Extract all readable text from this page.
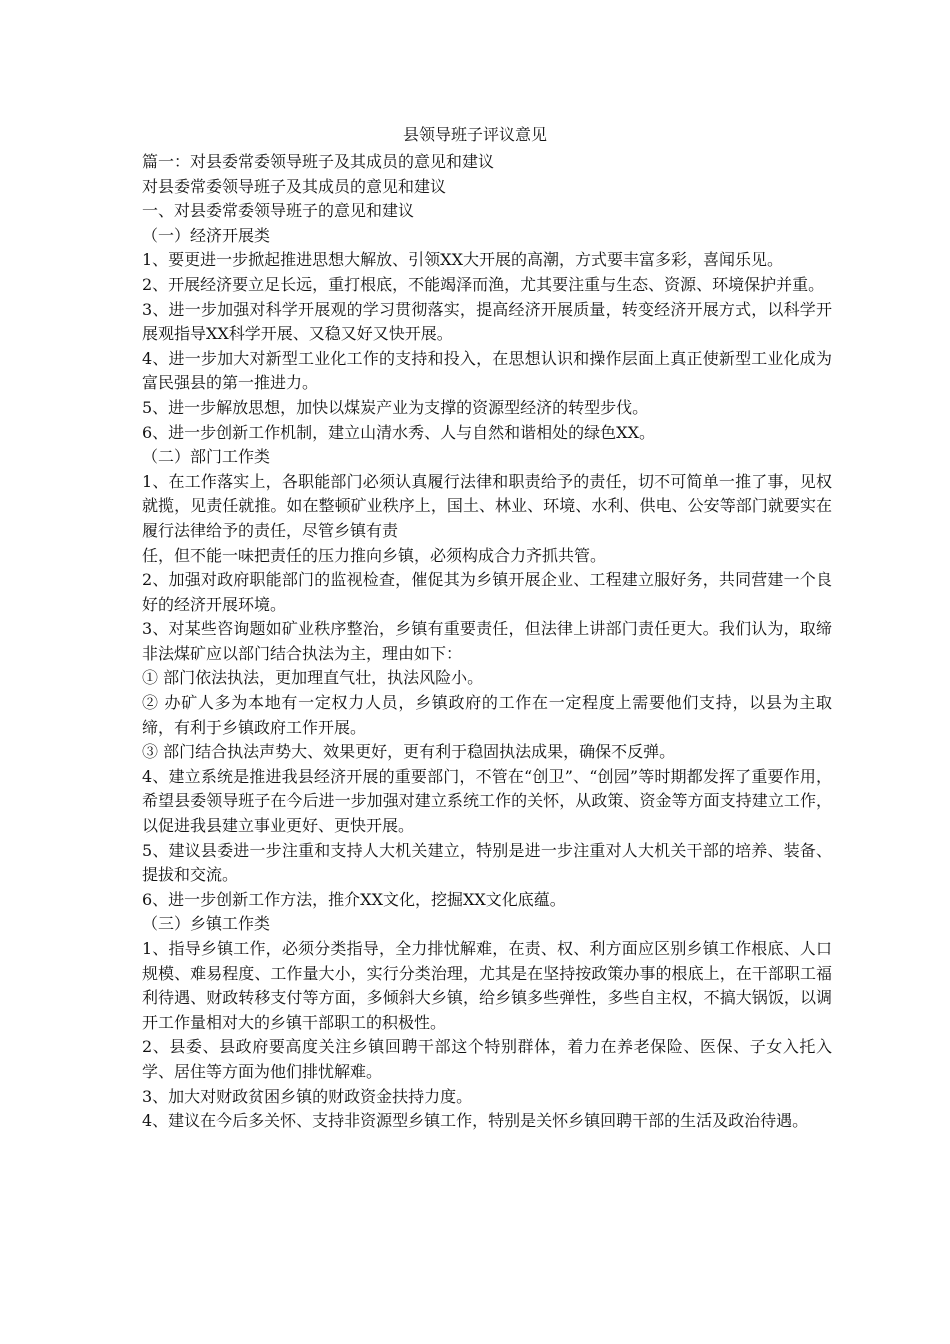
县领导班子评议意见

篇一：对县委常委领导班子及其成员的意见和建议

对县委常委领导班子及其成员的意见和建议

一、对县委常委领导班子的意见和建议

（一）经济开展类

1、要更进一步掀起推进思想大解放、引领XX大开展的高潮，方式要丰富多彩，喜闻乐见。

2、开展经济要立足长远，重打根底，不能竭泽而渔，尤其要注重与生态、资源、环境保护并重。

3、进一步加强对科学开展观的学习贯彻落实，提高经济开展质量，转变经济开展方式，以科学开展观指导XX科学开展、又稳又好又快开展。

4、进一步加大对新型工业化工作的支持和投入，在思想认识和操作层面上真正使新型工业化成为富民强县的第一推进力。

5、进一步解放思想，加快以煤炭产业为支撑的资源型经济的转型步伐。

6、进一步创新工作机制，建立山清水秀、人与自然和谐相处的绿色XX。

（二）部门工作类

1、在工作落实上，各职能部门必须认真履行法律和职责给予的责任，切不可简单一推了事，见权就揽，见责任就推。如在整顿矿业秩序上，国土、林业、环境、水利、供电、公安等部门就要实在履行法律给予的责任，尽管乡镇有责

任，但不能一味把责任的压力推向乡镇，必须构成合力齐抓共管。

2、加强对政府职能部门的监视检查，催促其为乡镇开展企业、工程建立服好务，共同营建一个良好的经济开展环境。

3、对某些咨询题如矿业秩序整治，乡镇有重要责任，但法律上讲部门责任更大。我们认为，取缔非法煤矿应以部门结合执法为主，理由如下：

① 部门依法执法，更加理直气壮，执法风险小。

② 办矿人多为本地有一定权力人员，乡镇政府的工作在一定程度上需要他们支持，以县为主取缔，有利于乡镇政府工作开展。

③ 部门结合执法声势大、效果更好，更有利于稳固执法成果，确保不反弹。

4、建立系统是推进我县经济开展的重要部门，不管在“创卫”、“创园”等时期都发挥了重要作用，希望县委领导班子在今后进一步加强对建立系统工作的关怀，从政策、资金等方面支持建立工作，以促进我县建立事业更好、更快开展。

5、建议县委进一步注重和支持人大机关建立，特别是进一步注重对人大机关干部的培养、装备、提拔和交流。

6、进一步创新工作方法，推介XX文化，挖掘XX文化底蕴。

（三）乡镇工作类

1、指导乡镇工作，必须分类指导，全力排忧解难，在责、权、利方面应区别乡镇工作根底、人口规模、难易程度、工作量大小，实行分类治理，尤其是在坚持按政策办事的根底上，在干部职工福利待遇、财政转移支付等方面，多倾斜大乡镇，给乡镇多些弹性，多些自主权，不搞大锅饭，以调开工作量相对大的乡镇干部职工的积极性。

2、县委、县政府要高度关注乡镇回聘干部这个特别群体，着力在养老保险、医保、子女入托入学、居住等方面为他们排忧解难。

3、加大对财政贫困乡镇的财政资金扶持力度。

4、建议在今后多关怀、支持非资源型乡镇工作，特别是关怀乡镇回聘干部的生活及政治待遇。
